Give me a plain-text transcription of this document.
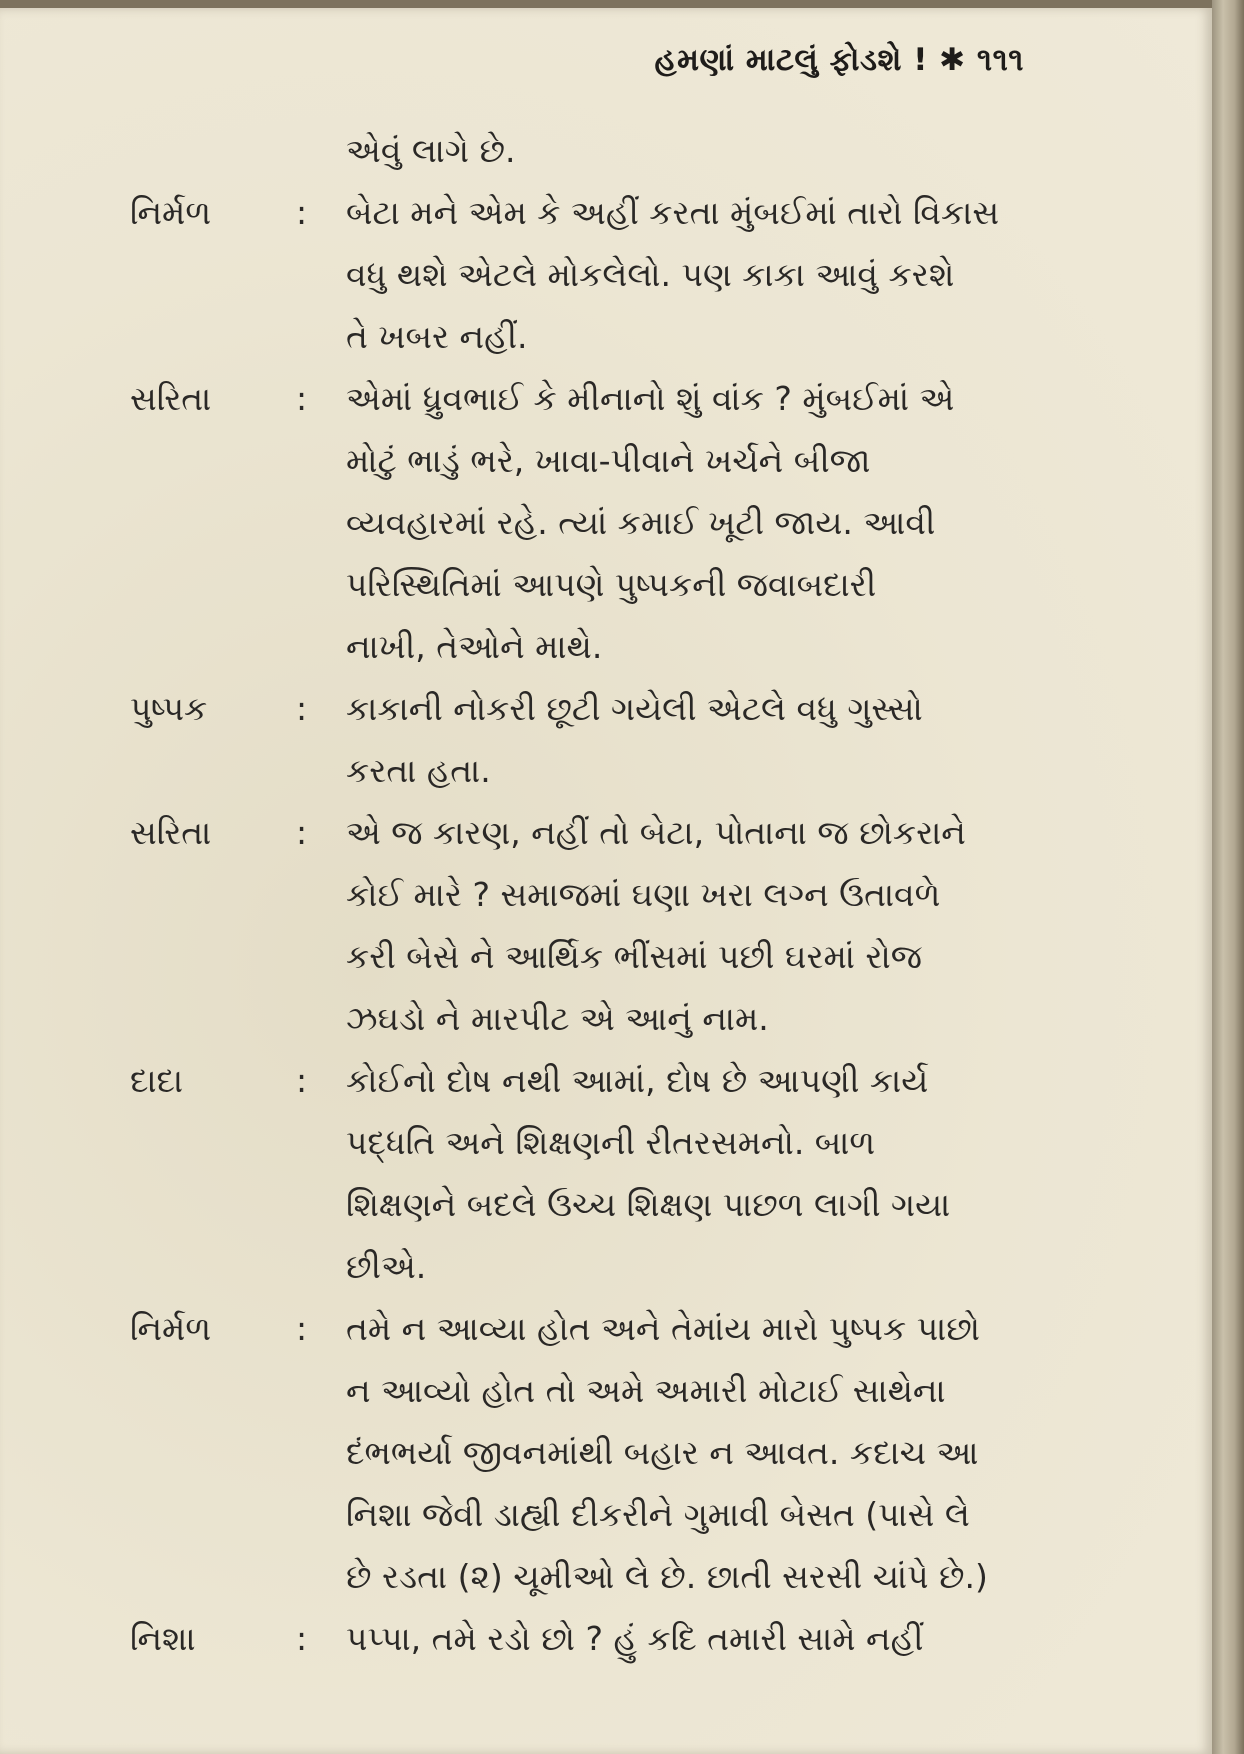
હમણાં માટલું ફોડશે ! ✱ ૧૧૧
એવું લાગે છે.
નિર્મળ	: બેટા મને એમ કે અહીં કરતા મુંબઈમાં તારો વિકાસ
વધુ થશે એટલે મોકલેલો. પણ કાકા આવું કરશે
તે ખબર નહીં.
સરિતા	: એમાં ધ્રુવભાઈ કે મીનાનો શું વાંક ? મુંબઈમાં એ
મોટું ભાડું ભરે, ખાવા-પીવાને ખર્ચને બીજા
વ્યવહારમાં રહે. ત્યાં કમાઈ ખૂટી જાય. આવી
પરિસ્થિતિમાં આપણે પુષ્પકની જવાબદારી
નાખી, તેઓને માથે.
પુષ્પક	: કાકાની નોકરી છૂટી ગયેલી એટલે વધુ ગુસ્સો
કરતા હતા.
સરિતા	: એ જ કારણ, નહીં તો બેટા, પોતાના જ છોકરાને
કોઈ મારે ? સમાજમાં ઘણા ખરા લગ્ન ઉતાવળે
કરી બેસે ને આર્થિક ભીંસમાં પછી ઘરમાં રોજ
ઝઘડો ને મારપીટ એ આનું નામ.
દાદા	: કોઈનો દોષ નથી આમાં, દોષ છે આપણી કાર્ય
પદ્ધતિ અને શિક્ષણની રીતરસમનો. બાળ
શિક્ષણને બદલે ઉચ્ચ શિક્ષણ પાછળ લાગી ગયા
છીએ.
નિર્મળ	: તમે ન આવ્યા હોત અને તેમાંય મારો પુષ્પક પાછો
ન આવ્યો હોત તો અમે અમારી મોટાઈ સાથેના
દંભભર્યા જીવનમાંથી બહાર ન આવત. કદાચ આ
નિશા જેવી ડાહ્યી દીકરીને ગુમાવી બેસત (પાસે લે
છે રડતા (૨) ચૂમીઓ લે છે. છાતી સરસી ચાંપે છે.)
નિશા	: પપ્પા, તમે રડો છો ? હું કદિ તમારી સામે નહીં
